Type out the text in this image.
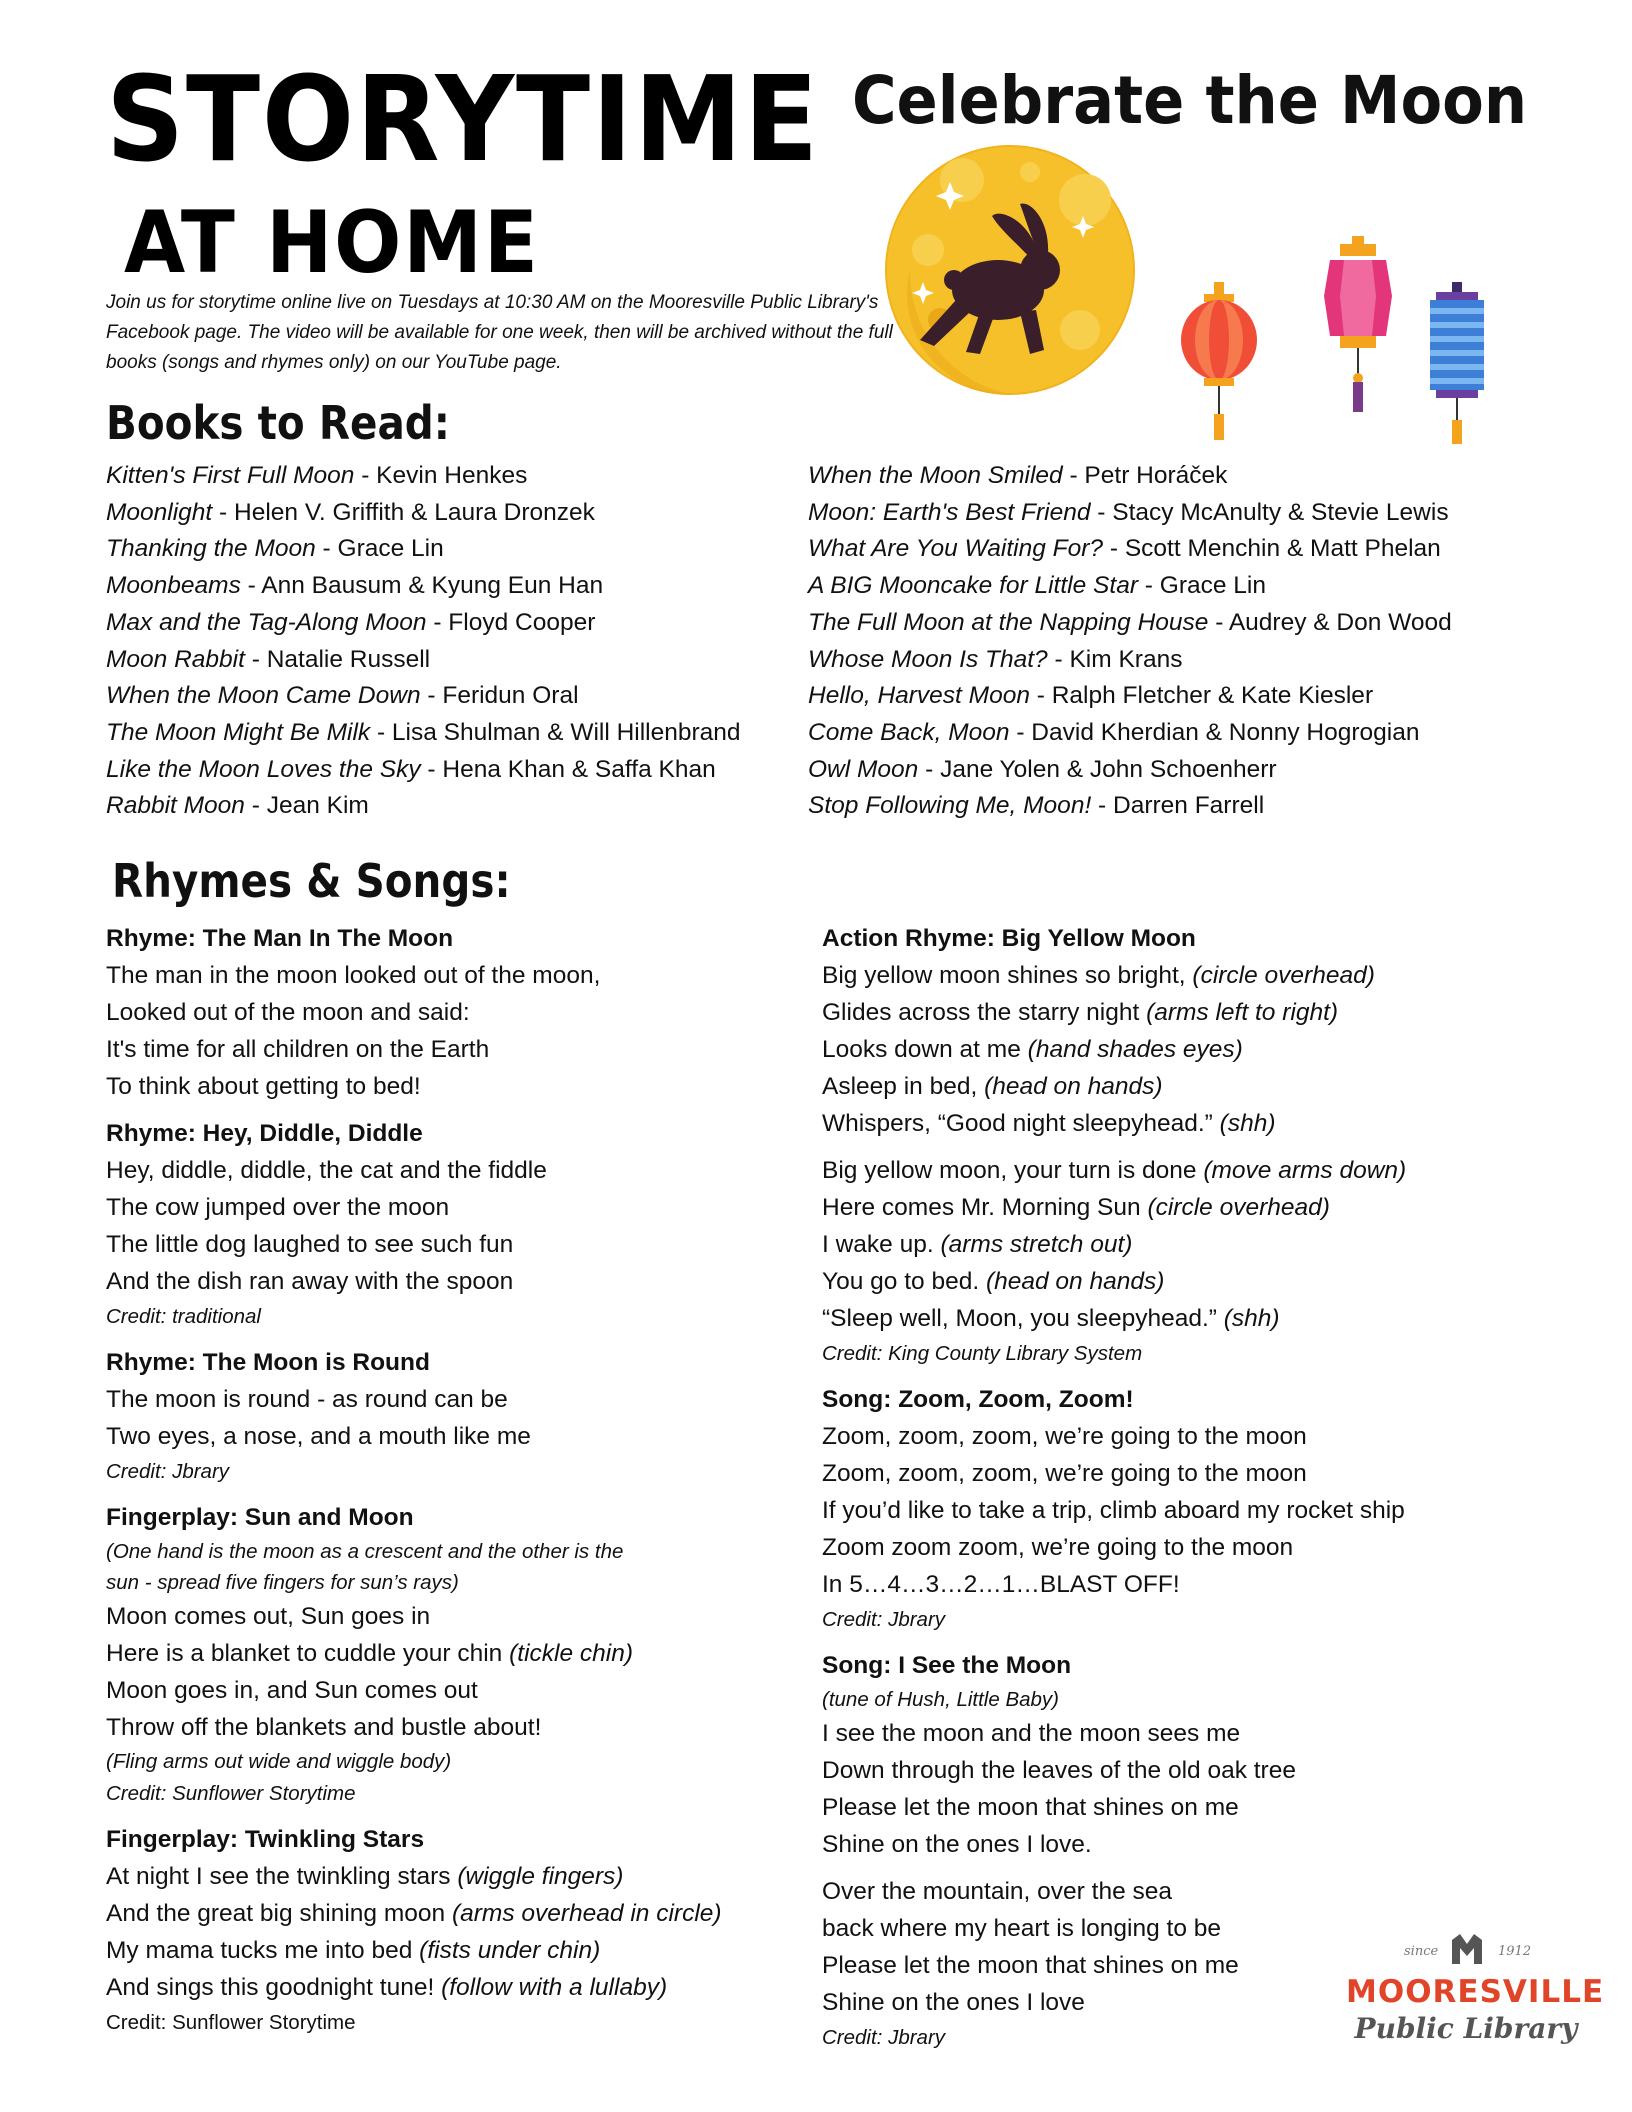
STORYTIME
AT HOME
Celebrate the Moon
Join us for storytime online live on Tuesdays at 10:30 AM on the Mooresville Public Library's Facebook page. The video will be available for one week, then will be archived without the full books (songs and rhymes only) on our YouTube page.
Books to Read:
Kitten's First Full Moon - Kevin Henkes
Moonlight - Helen V. Griffith & Laura Dronzek
Thanking the Moon - Grace Lin
Moonbeams - Ann Bausum & Kyung Eun Han
Max and the Tag-Along Moon - Floyd Cooper
Moon Rabbit - Natalie Russell
When the Moon Came Down - Feridun Oral
The Moon Might Be Milk - Lisa Shulman & Will Hillenbrand
Like the Moon Loves the Sky - Hena Khan & Saffa Khan
Rabbit Moon - Jean Kim
When the Moon Smiled - Petr Horáček
Moon: Earth's Best Friend - Stacy McAnulty & Stevie Lewis
What Are You Waiting For? - Scott Menchin & Matt Phelan
A BIG Mooncake for Little Star - Grace Lin
The Full Moon at the Napping House - Audrey & Don Wood
Whose Moon Is That? - Kim Krans
Hello, Harvest Moon - Ralph Fletcher & Kate Kiesler
Come Back, Moon - David Kherdian & Nonny Hogrogian
Owl Moon - Jane Yolen & John Schoenherr
Stop Following Me, Moon! - Darren Farrell
Rhymes & Songs:
Rhyme: The Man In The Moon
The man in the moon looked out of the moon,
Looked out of the moon and said:
It's time for all children on the Earth
To think about getting to bed!
Rhyme: Hey, Diddle, Diddle
Hey, diddle, diddle, the cat and the fiddle
The cow jumped over the moon
The little dog laughed to see such fun
And the dish ran away with the spoon
Credit: traditional
Rhyme: The Moon is Round
The moon is round - as round can be
Two eyes, a nose, and a mouth like me
Credit: Jbrary
Fingerplay: Sun and Moon
(One hand is the moon as a crescent and the other is the
sun - spread five fingers for sun’s rays)
Moon comes out, Sun goes in
Here is a blanket to cuddle your chin (tickle chin)
Moon goes in, and Sun comes out
Throw off the blankets and bustle about!
(Fling arms out wide and wiggle body)
Credit: Sunflower Storytime
Fingerplay: Twinkling Stars
At night I see the twinkling stars (wiggle fingers)
And the great big shining moon (arms overhead in circle)
My mama tucks me into bed (fists under chin)
And sings this goodnight tune! (follow with a lullaby)
Credit: Sunflower Storytime
Action Rhyme: Big Yellow Moon
Big yellow moon shines so bright, (circle overhead)
Glides across the starry night (arms left to right)
Looks down at me (hand shades eyes)
Asleep in bed, (head on hands)
Whispers, “Good night sleepyhead.” (shh)
Big yellow moon, your turn is done (move arms down)
Here comes Mr. Morning Sun (circle overhead)
I wake up. (arms stretch out)
You go to bed. (head on hands)
“Sleep well, Moon, you sleepyhead.” (shh)
Credit: King County Library System
Song: Zoom, Zoom, Zoom!
Zoom, zoom, zoom, we’re going to the moon
Zoom, zoom, zoom, we’re going to the moon
If you’d like to take a trip, climb aboard my rocket ship
Zoom zoom zoom, we’re going to the moon
In 5…4…3…2…1…BLAST OFF!
Credit: Jbrary
Song: I See the Moon
(tune of Hush, Little Baby)
I see the moon and the moon sees me
Down through the leaves of the old oak tree
Please let the moon that shines on me
Shine on the ones I love.
Over the mountain, over the sea
back where my heart is longing to be
Please let the moon that shines on me
Shine on the ones I love
Credit: Jbrary
since	1912
MOORESVILLE
Public Library
